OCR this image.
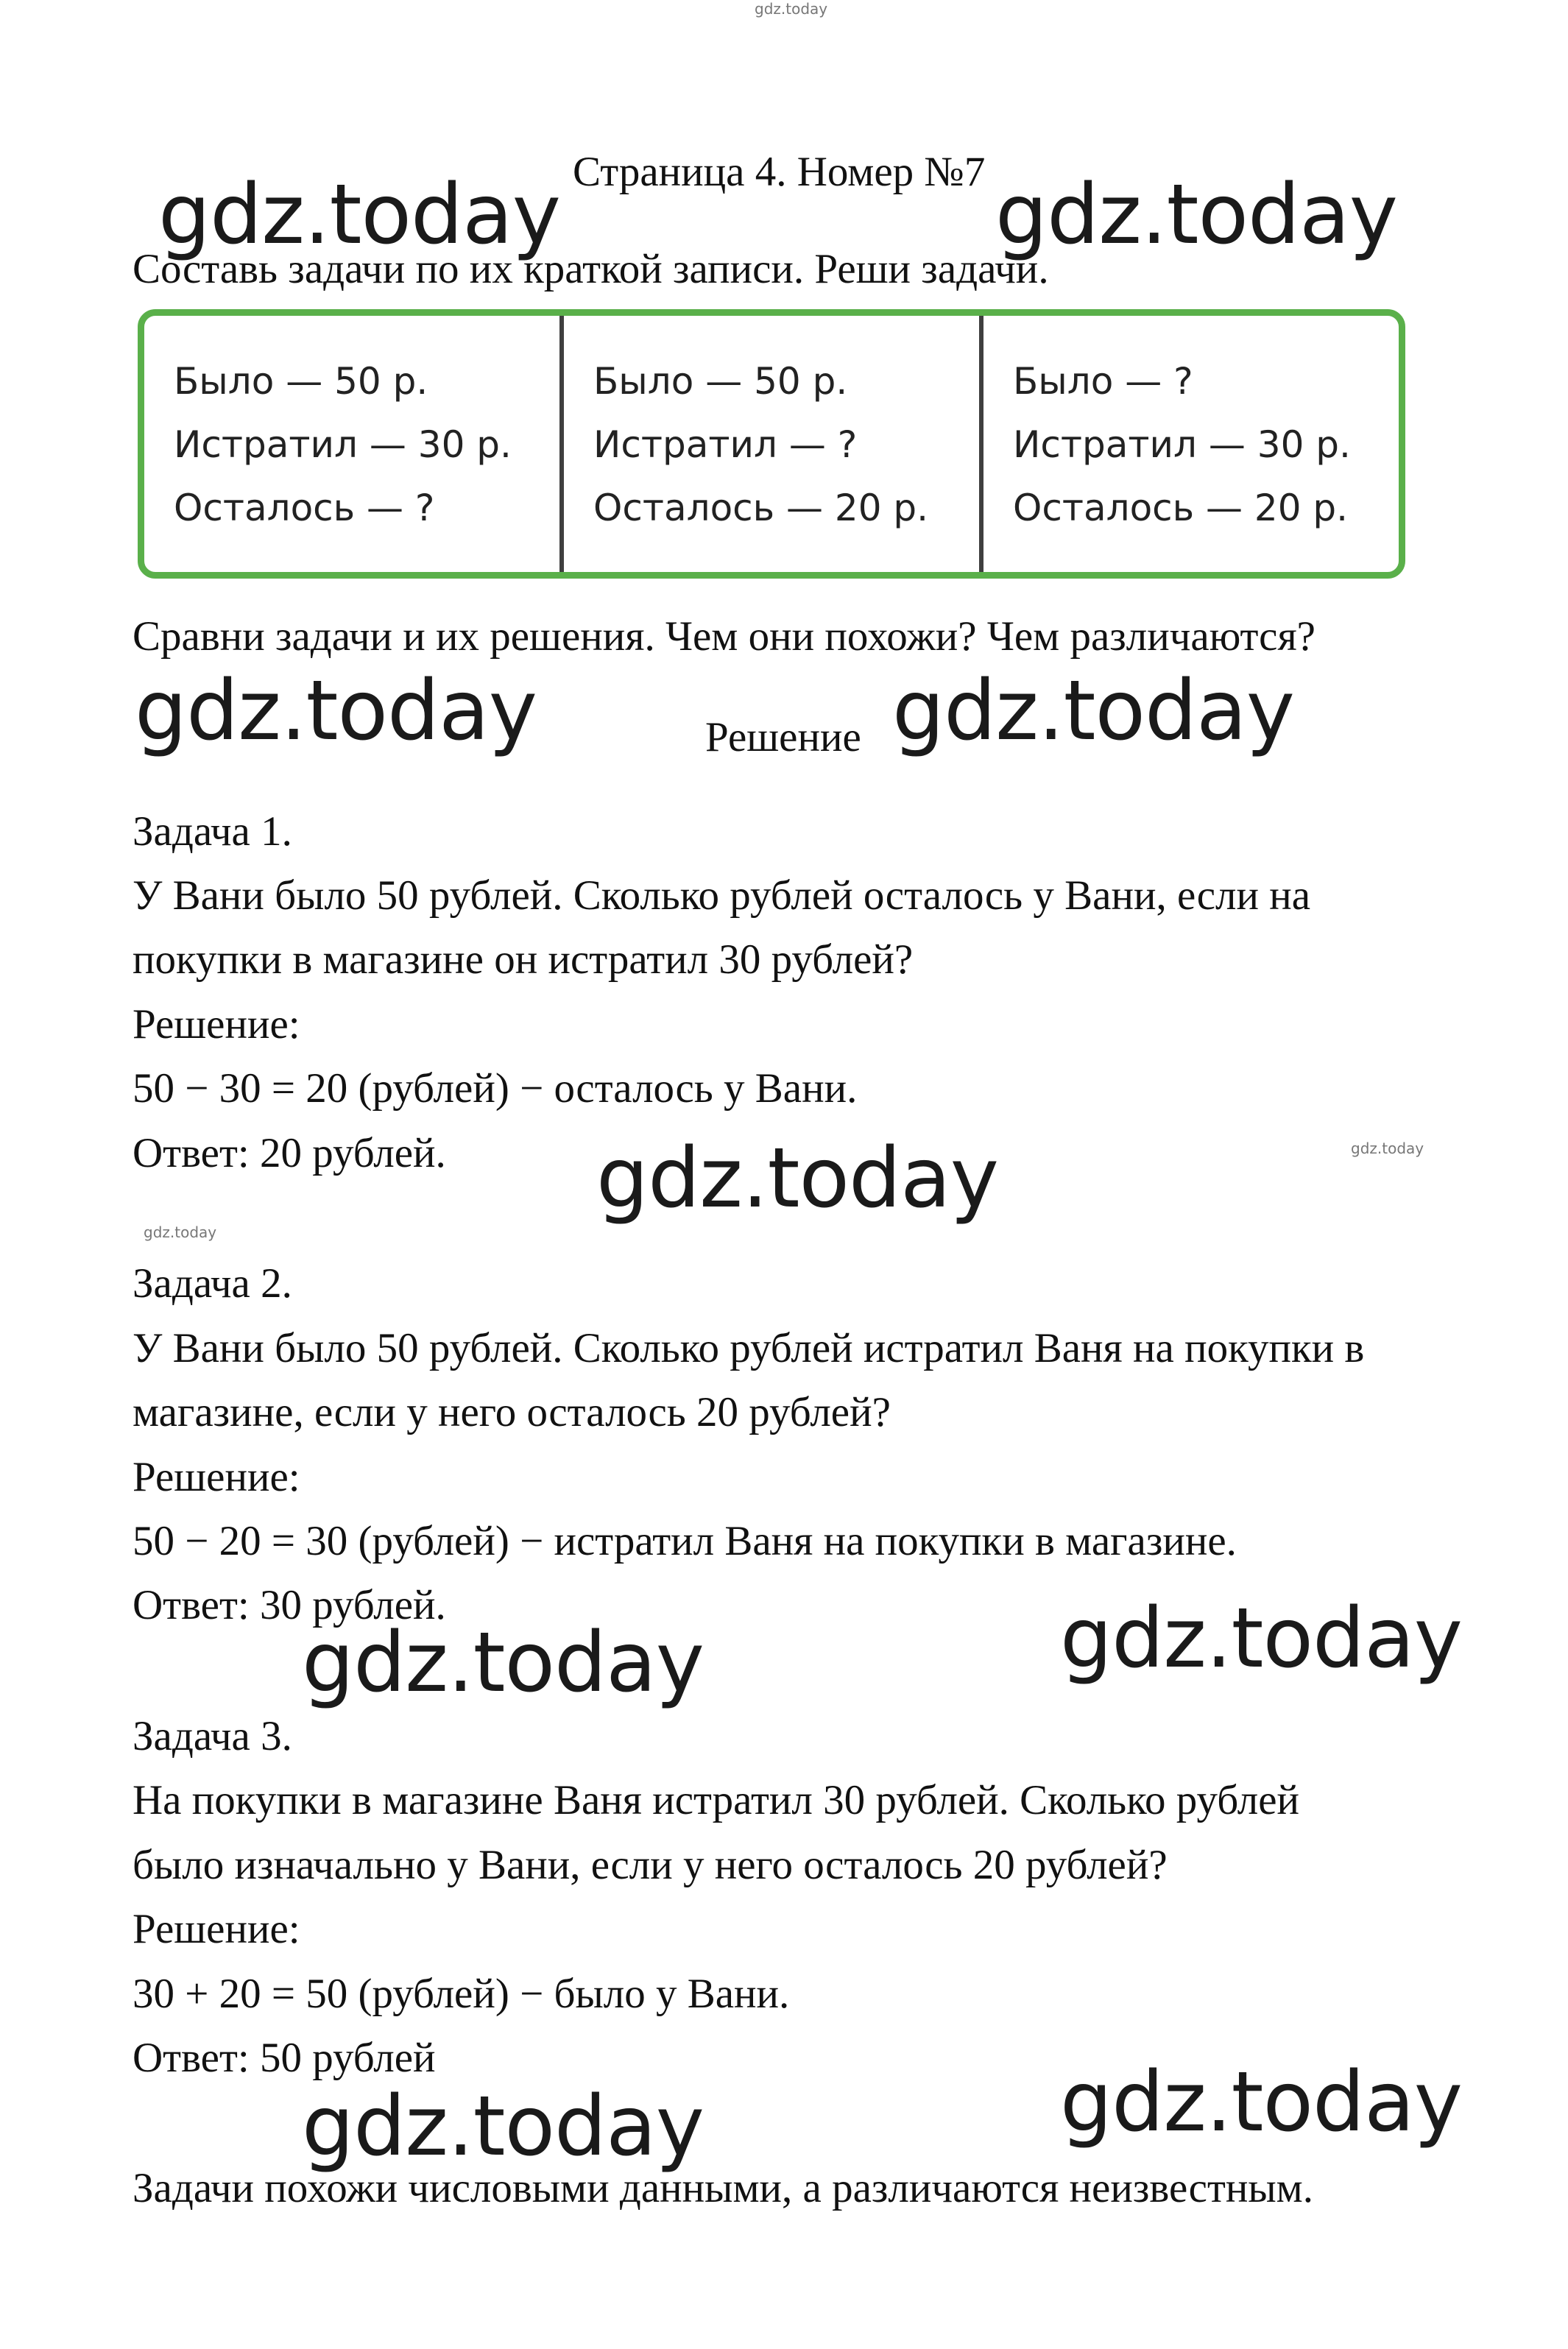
gdz.today
gdz.today
gdz.today
Страница 4. Номер №7
gdz.today	gdz.today
Составь задачи по их краткой записи. Реши задачи.
Было — 50 р.
Истратил — 30 р.
Осталось — ?
Было — 50 р.
Истратил — ?
Осталось — 20 р.
Было — ?
Истратил — 30 р.
Осталось — 20 р.
Сравни задачи и их решения. Чем они похожи? Чем различаются?
gdz.today	Решение gdz.today
Задача 1.
У Вани было 50 рублей. Сколько рублей осталось у Вани, если на
покупки в магазине он истратил 30 рублей?
Решение:
50 − 30 = 20 (рублей) − осталось у Вани.
Ответ: 20 рублей. gdz.today
Задача 2.
У Вани было 50 рублей. Сколько рублей истратил Ваня на покупки в
магазине, если у него осталось 20 рублей?
Решение:
50 − 20 = 30 (рублей) − истратил Ваня на покупки в магазине.
Ответ: 30 рублей.
gdz.today	gdz.today
Задача 3.
На покупки в магазине Ваня истратил 30 рублей. Сколько рублей
было изначально у Вани, если у него осталось 20 рублей?
Решение:
30 + 20 = 50 (рублей) − было у Вани.
Ответ: 50 рублей
gdz.today	gdz.today
Задачи похожи числовыми данными, а различаются неизвестным.
